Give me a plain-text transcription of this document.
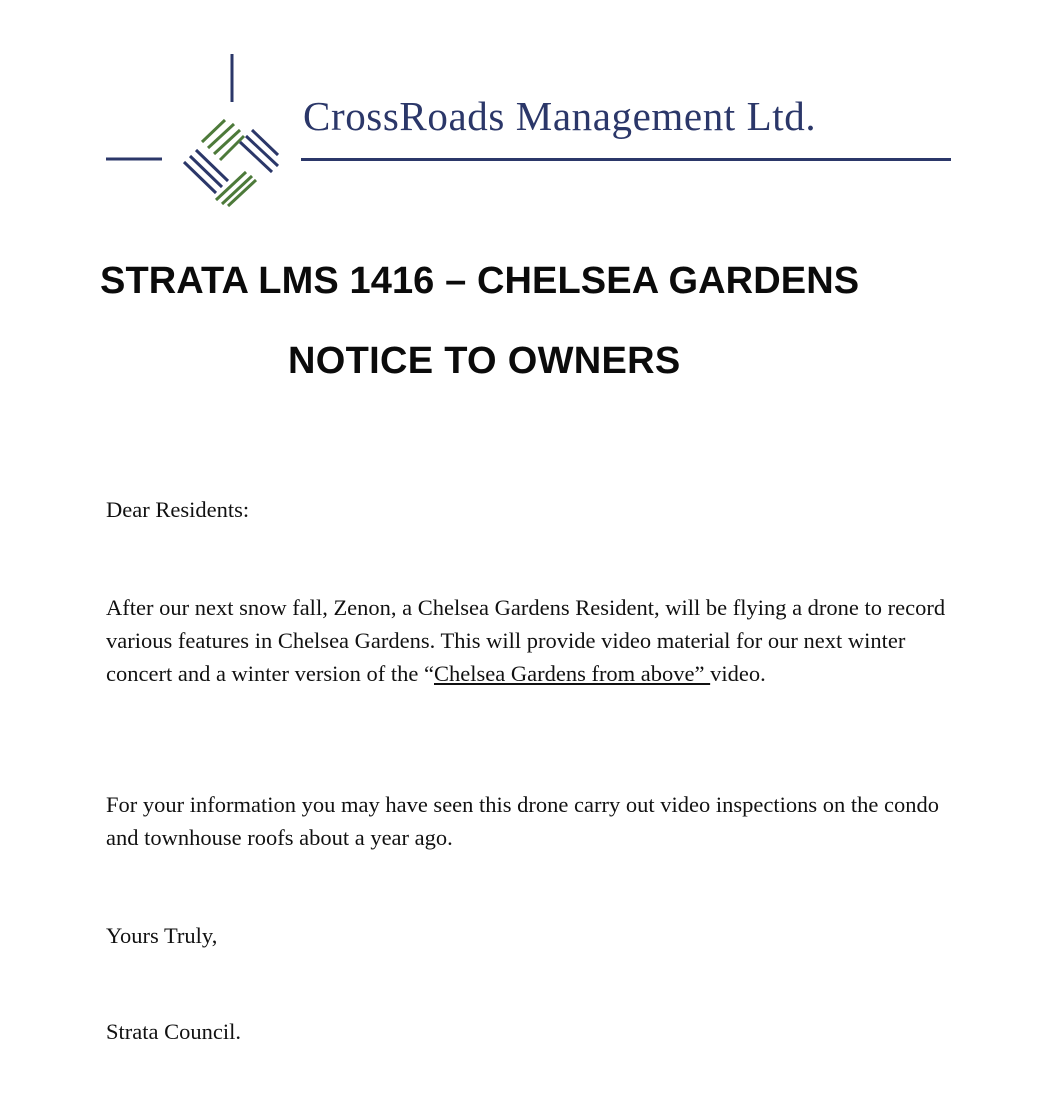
CrossRoads Management Ltd.
STRATA LMS 1416 – CHELSEA GARDENS
NOTICE TO OWNERS
Dear Residents:
After our next snow fall, Zenon, a Chelsea Gardens Resident, will be flying a drone to record various features in Chelsea Gardens. This will provide video material for our next winter concert and a winter version of the “Chelsea Gardens from above” video.
For your information you may have seen this drone carry out video inspections on the condo and townhouse roofs about a year ago.
Yours Truly,
Strata Council.
